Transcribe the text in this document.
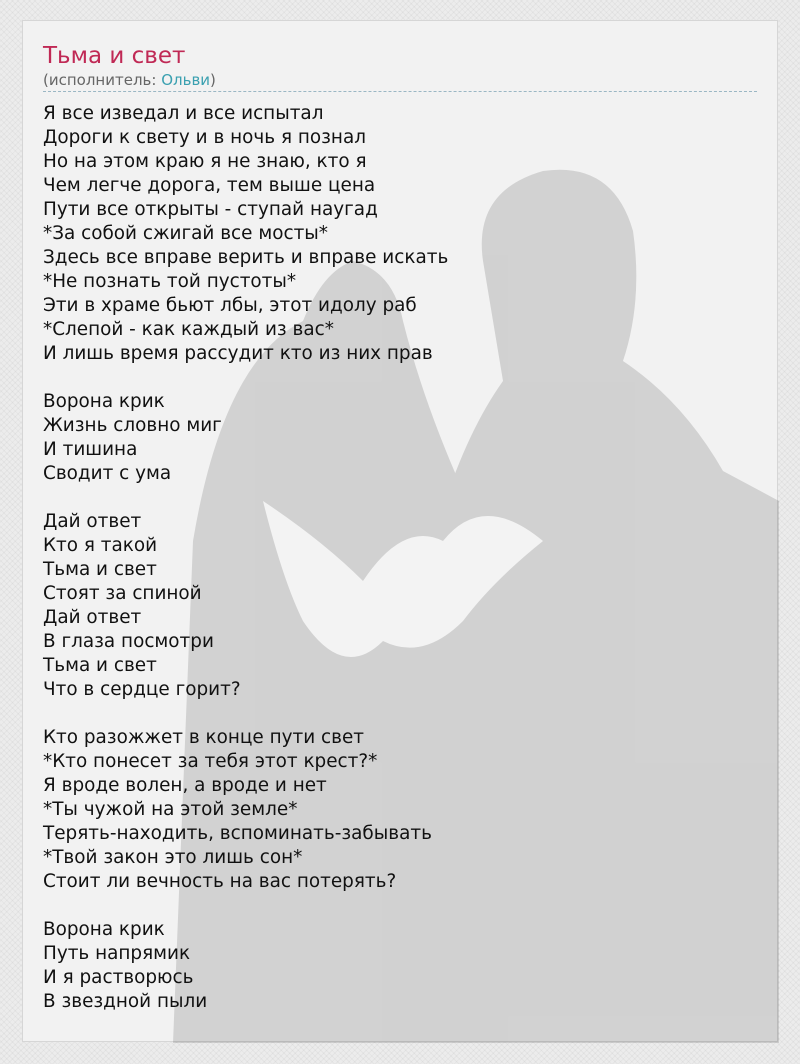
ОЛЕ
Тьма и свет

(исполнитель: Ольви)

Я все изведал и все испытал
Дороги к свету и в ночь я познал
Но на этом краю я не знаю, кто я
Чем легче дорога, тем выше цена
Пути все открыты - ступай наугад
*За собой сжигай все мосты*
Здесь все вправе верить и вправе искать
*Не познать той пустоты*
Эти в храме бьют лбы, этот идолу раб
*Слепой - как каждый из вас*
И лишь время рассудит кто из них прав
Ворона крик
Жизнь словно миг
И тишина
Сводит с ума
Дай ответ
Кто я такой
Тьма и свет
Стоят за спиной
Дай ответ
В глаза посмотри
Тьма и свет
Что в сердце горит?
Кто разожжет в конце пути свет
*Кто понесет за тебя этот крест?*
Я вроде волен, а вроде и нет
*Ты чужой на этой земле*
Терять-находить, вспоминать-забывать
*Твой закон это лишь сон*
Стоит ли вечность на вас потерять?
Ворона крик
Путь напрямик
И я растворюсь
В звездной пыли
